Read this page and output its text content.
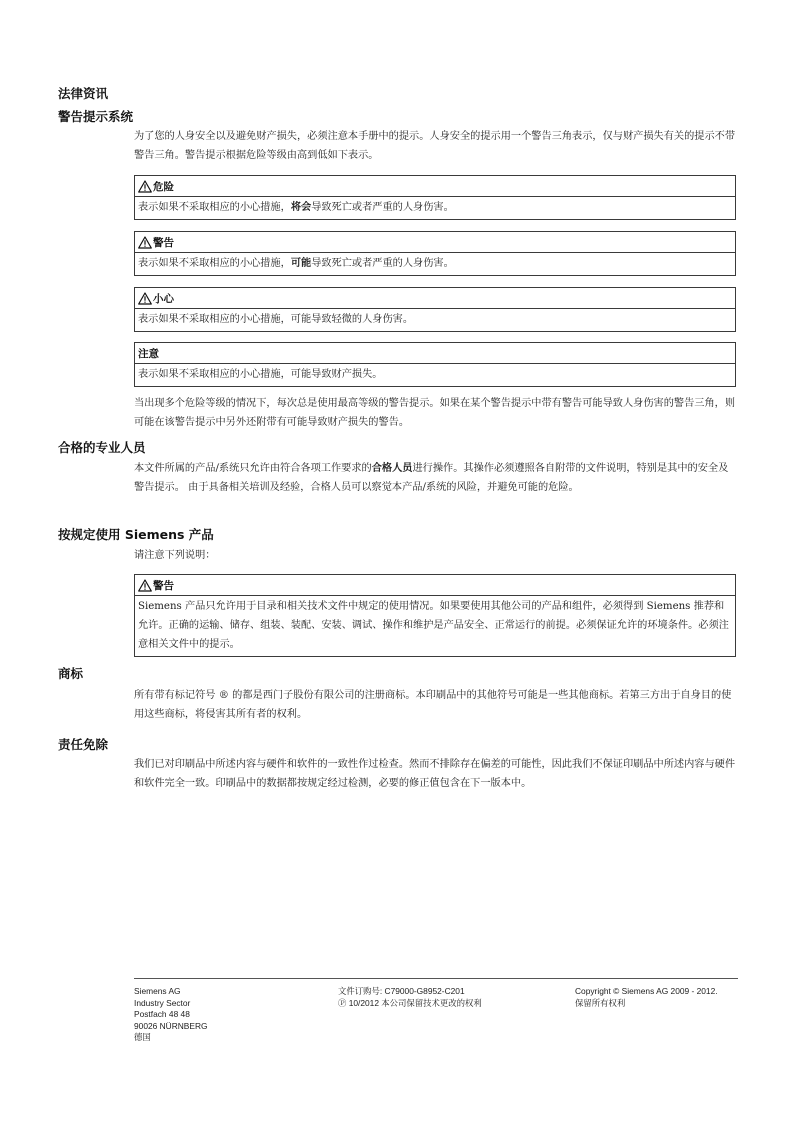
法律资讯
警告提示系统
为了您的人身安全以及避免财产损失，必须注意本手册中的提示。人身安全的提示用一个警告三角表示，仅与财产损失有关的提示不带警告三角。警告提示根据危险等级由高到低如下表示。
危险
表示如果不采取相应的小心措施，将会导致死亡或者严重的人身伤害。
警告
表示如果不采取相应的小心措施，可能导致死亡或者严重的人身伤害。
小心
表示如果不采取相应的小心措施，可能导致轻微的人身伤害。
注意
表示如果不采取相应的小心措施，可能导致财产损失。
当出现多个危险等级的情况下，每次总是使用最高等级的警告提示。如果在某个警告提示中带有警告可能导致人身伤害的警告三角，则可能在该警告提示中另外还附带有可能导致财产损失的警告。
合格的专业人员
本文件所属的产品/系统只允许由符合各项工作要求的合格人员进行操作。其操作必须遵照各自附带的文件说明，特别是其中的安全及警告提示。 由于具备相关培训及经验，合格人员可以察觉本产品/系统的风险，并避免可能的危险。
按规定使用 Siemens 产品
请注意下列说明：
警告
Siemens 产品只允许用于目录和相关技术文件中规定的使用情况。如果要使用其他公司的产品和组件，必须得到 Siemens 推荐和允许。正确的运输、储存、组装、装配、安装、调试、操作和维护是产品安全、正常运行的前提。必须保证允许的环境条件。必须注意相关文件中的提示。
商标
所有带有标记符号 ® 的都是西门子股份有限公司的注册商标。本印刷品中的其他符号可能是一些其他商标。若第三方出于自身目的使用这些商标，将侵害其所有者的权利。
责任免除
我们已对印刷品中所述内容与硬件和软件的一致性作过检查。然而不排除存在偏差的可能性，因此我们不保证印刷品中所述内容与硬件和软件完全一致。印刷品中的数据都按规定经过检测，必要的修正值包含在下一版本中。
Siemens AG
Industry Sector
Postfach 48 48
90026 NÜRNBERG
德国
文件订购号: C79000-G8952-C201
Ⓟ 10/2012 本公司保留技术更改的权利
Copyright © Siemens AG 2009 - 2012.
保留所有权利
